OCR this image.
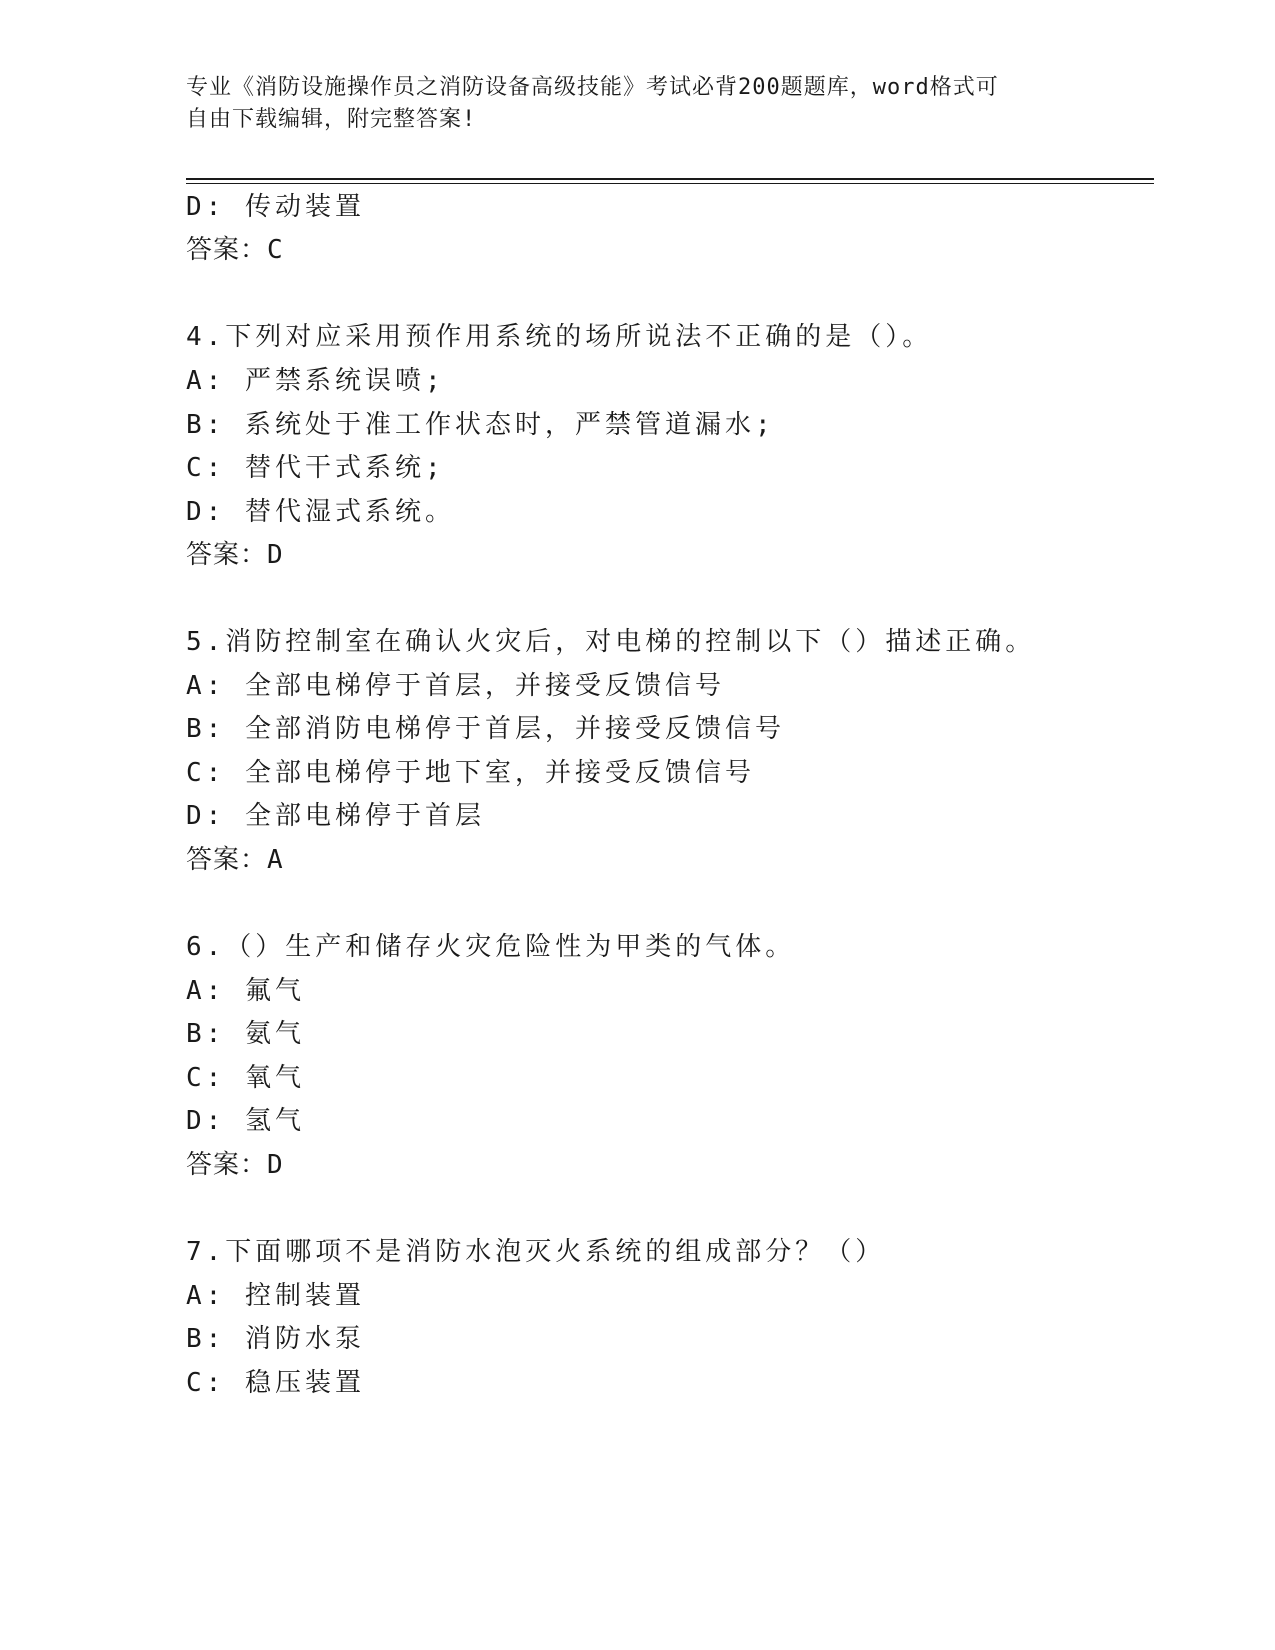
专业《消防设施操作员之消防设备高级技能》考试必背200题题库，word格式可
自由下载编辑，附完整答案!
D: 传动装置
答案：C
4.下列对应采用预作用系统的场所说法不正确的是（）。
A: 严禁系统误喷;
B: 系统处于准工作状态时，严禁管道漏水;
C: 替代干式系统;
D: 替代湿式系统。
答案：D
5.消防控制室在确认火灾后，对电梯的控制以下（）描述正确。
A: 全部电梯停于首层，并接受反馈信号
B: 全部消防电梯停于首层，并接受反馈信号
C: 全部电梯停于地下室，并接受反馈信号
D: 全部电梯停于首层
答案：A
6.（）生产和储存火灾危险性为甲类的气体。
A: 氟气
B: 氨气
C: 氧气
D: 氢气
答案：D
7.下面哪项不是消防水泡灭火系统的组成部分？（）
A: 控制装置
B: 消防水泵
C: 稳压装置
